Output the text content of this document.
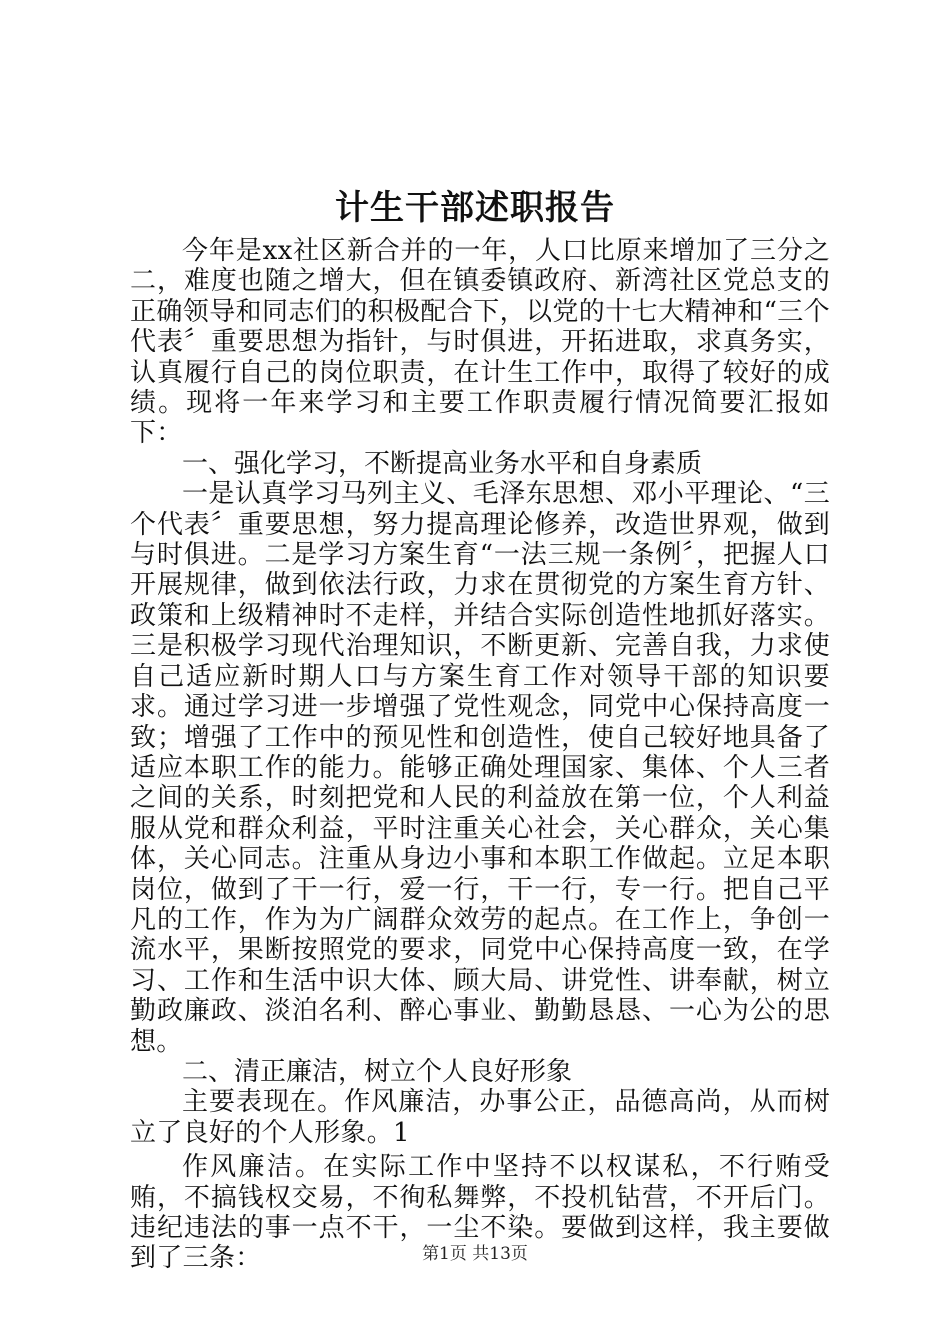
计生干部述职报告

今年是xx社区新合并的一年，人口比原来增加了三分之二，难度也随之增大，但在镇委镇政府、新湾社区党总支的正确领导和同志们的积极配合下，以党的十七大精神和“三个代表〞重要思想为指针，与时俱进，开拓进取，求真务实，认真履行自己的岗位职责，在计生工作中，取得了较好的成绩。现将一年来学习和主要工作职责履行情况简要汇报如下：

一、强化学习，不断提高业务水平和自身素质

一是认真学习马列主义、毛泽东思想、邓小平理论、“三个代表〞重要思想，努力提高理论修养，改造世界观，做到与时俱进。二是学习方案生育“一法三规一条例〞，把握人口开展规律，做到依法行政，力求在贯彻党的方案生育方针、政策和上级精神时不走样，并结合实际创造性地抓好落实。三是积极学习现代治理知识，不断更新、完善自我，力求使自己适应新时期人口与方案生育工作对领导干部的知识要求。通过学习进一步增强了党性观念，同党中心保持高度一致；增强了工作中的预见性和创造性，使自己较好地具备了适应本职工作的能力。能够正确处理国家、集体、个人三者之间的关系，时刻把党和人民的利益放在第一位，个人利益服从党和群众利益，平时注重关心社会，关心群众，关心集体，关心同志。注重从身边小事和本职工作做起。立足本职岗位，做到了干一行，爱一行，干一行，专一行。把自己平凡的工作，作为为广阔群众效劳的起点。在工作上，争创一流水平，果断按照党的要求，同党中心保持高度一致，在学习、工作和生活中识大体、顾大局、讲党性、讲奉献，树立勤政廉政、淡泊名利、醉心事业、勤勤恳恳、一心为公的思想。

二、清正廉洁，树立个人良好形象

主要表现在。作风廉洁，办事公正，品德高尚，从而树立了良好的个人形象。1

作风廉洁。在实际工作中坚持不以权谋私，不行贿受贿，不搞钱权交易，不徇私舞弊，不投机钻营，不开后门。违纪违法的事一点不干，一尘不染。要做到这样，我主要做到了三条：	第1页 共13页
